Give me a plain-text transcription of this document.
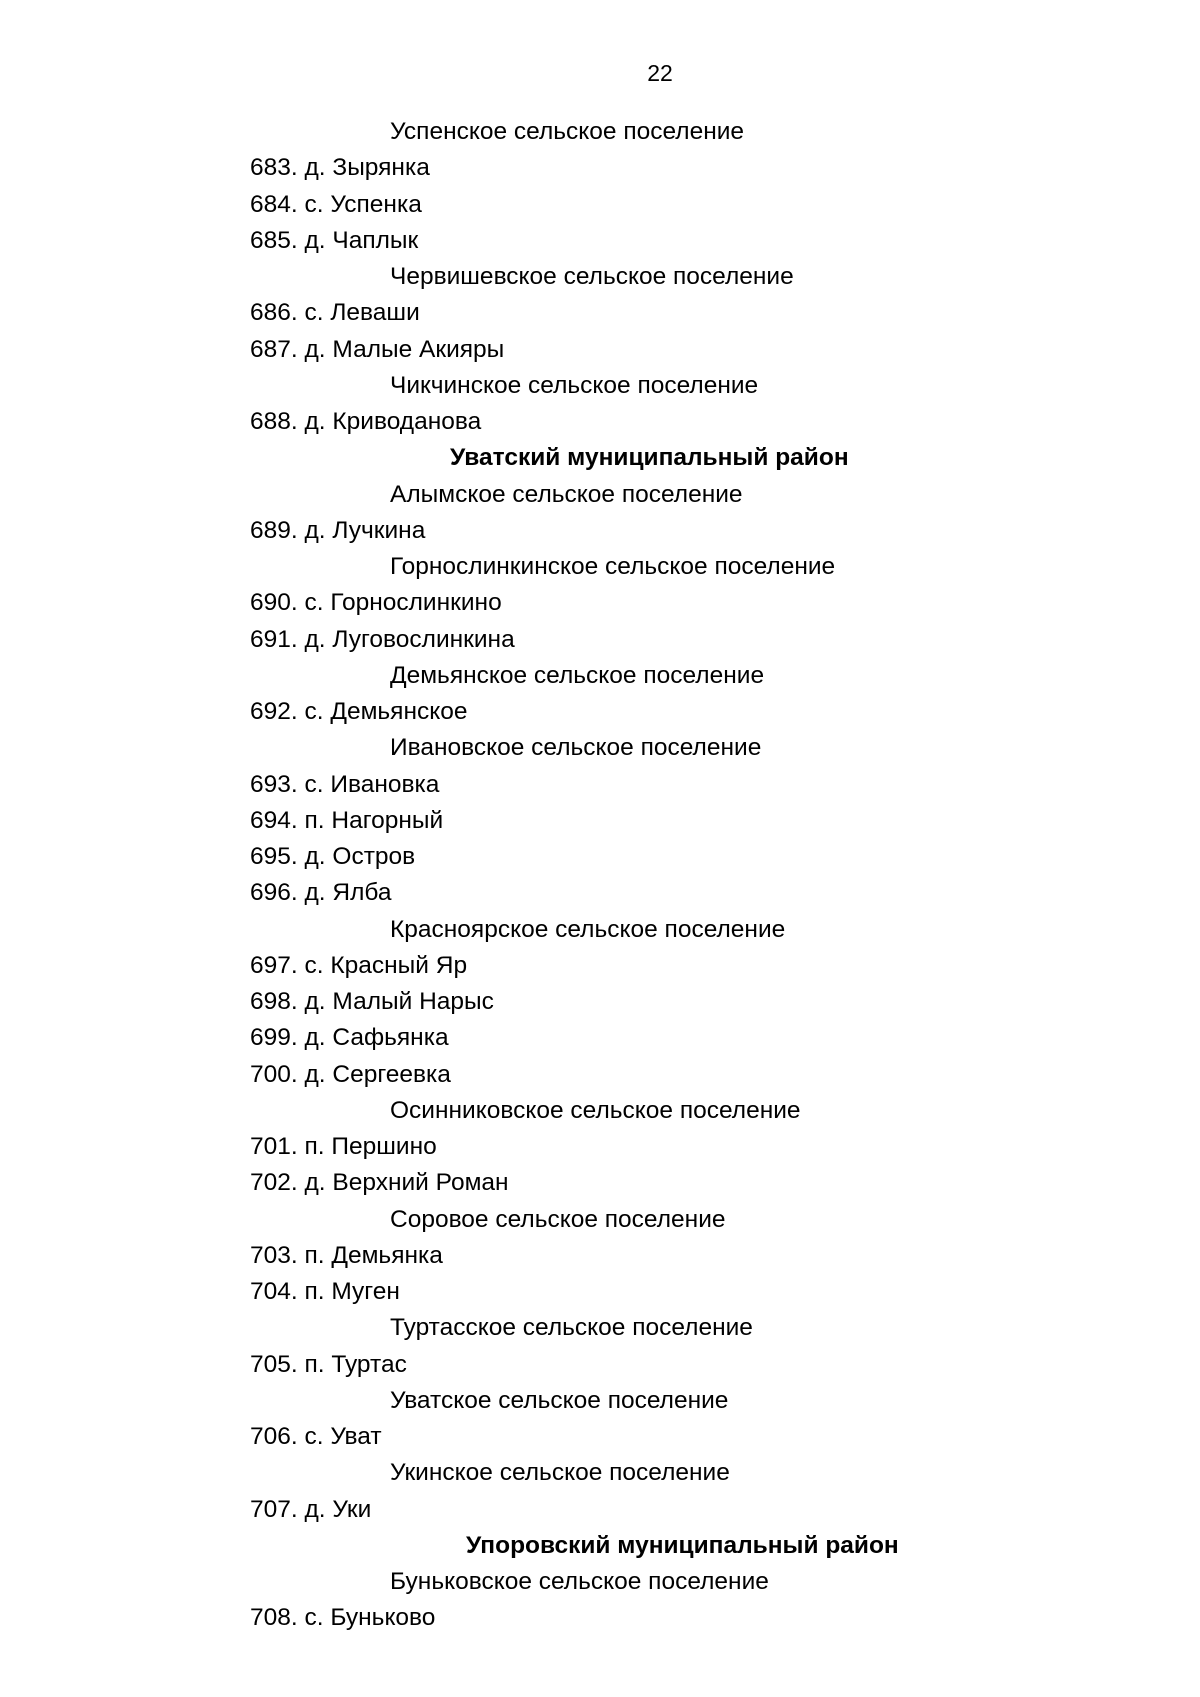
22
Успенское сельское поселение
683. д. Зырянка
684. с. Успенка
685. д. Чаплык
Червишевское сельское поселение
686. с. Леваши
687. д. Малые Акияры
Чикчинское сельское поселение
688. д. Криводанова
Уватский муниципальный район
Алымское сельское поселение
689. д. Лучкина
Горнослинкинское сельское поселение
690. с. Горнослинкино
691. д. Луговослинкина
Демьянское сельское поселение
692. с. Демьянское
Ивановское сельское поселение
693. с. Ивановка
694. п. Нагорный
695. д. Остров
696. д. Ялба
Красноярское сельское поселение
697. с. Красный Яр
698. д. Малый Нарыс
699. д. Сафьянка
700. д. Сергеевка
Осинниковское сельское поселение
701. п. Першино
702. д. Верхний Роман
Соровое сельское поселение
703. п. Демьянка
704. п. Муген
Туртасское сельское поселение
705. п. Туртас
Уватское сельское поселение
706. с. Уват
Укинское сельское поселение
707. д. Уки
Упоровский муниципальный район
Буньковское сельское поселение
708. с. Буньково
